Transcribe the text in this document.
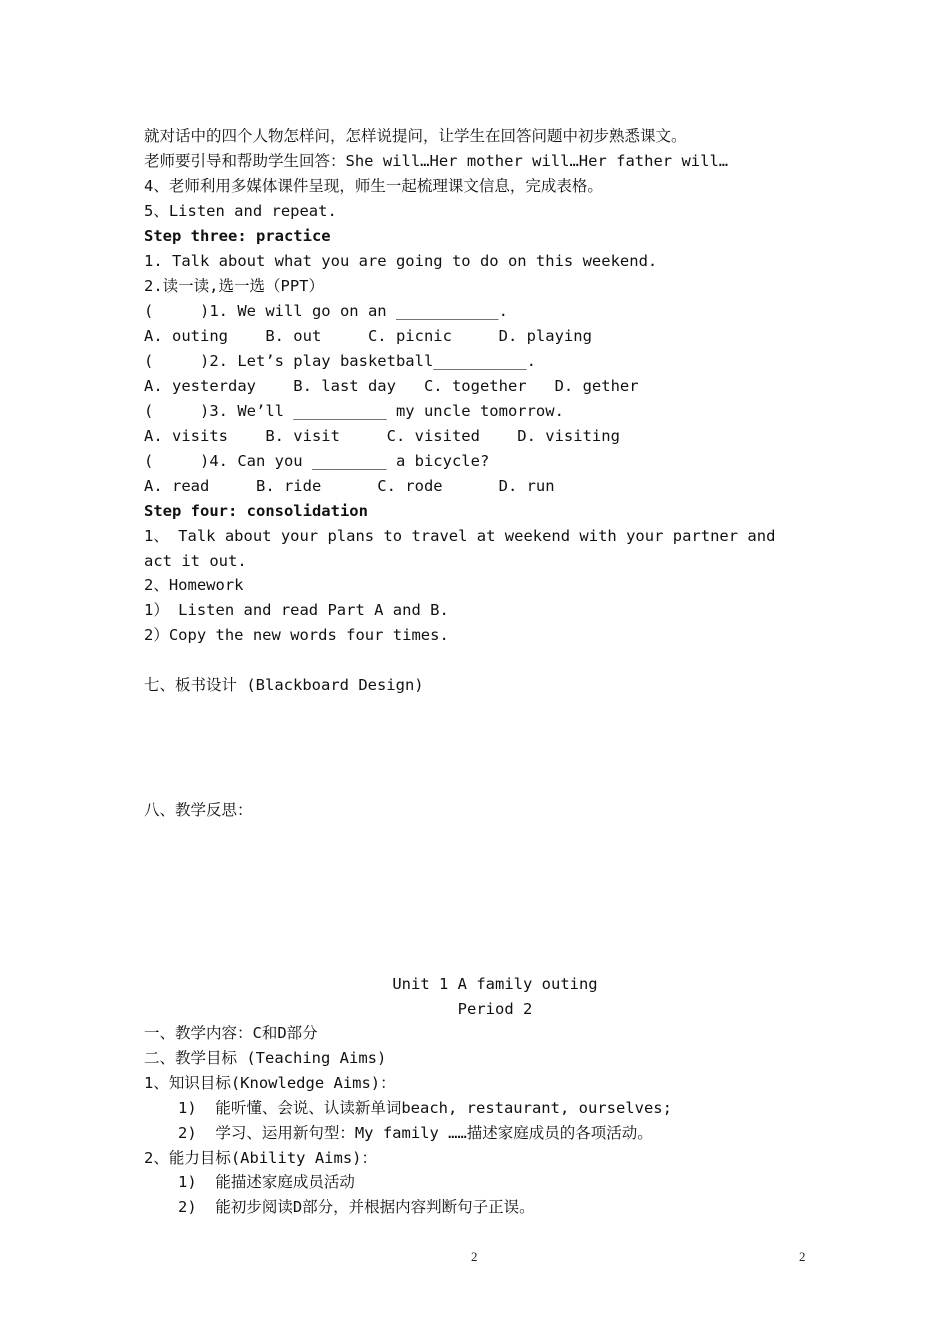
就对话中的四个人物怎样问，怎样说提问，让学生在回答问题中初步熟悉课文。
老师要引导和帮助学生回答：She will…Her mother will…Her father will…
4、老师利用多媒体课件呈现，师生一起梳理课文信息，完成表格。
5、Listen and repeat.
Step three: practice
1. Talk about what you are going to do on this weekend.
2.读一读,选一选（PPT）
(     )1. We will go on an ___________.
A. outing    B. out     C. picnic     D. playing
(     )2. Let’s play basketball__________.
A. yesterday    B. last day   C. together   D. gether
(     )3. We’ll __________ my uncle tomorrow.
A. visits    B. visit     C. visited    D. visiting
(     )4. Can you ________ a bicycle?
A. read     B. ride      C. rode      D. run
Step four: consolidation
1、 Talk about your plans to travel at weekend with your partner and
act it out.
2、Homework
1） Listen and read Part A and B.
2）Copy the new words four times.
七、板书设计 (Blackboard Design)
八、教学反思：
Unit 1 A family outing
Period 2
一、教学内容：C和D部分
二、教学目标 (Teaching Aims)
1、知识目标(Knowledge Aims)：
1)  能听懂、会说、认读新单词beach, restaurant, ourselves;
2)  学习、运用新句型：My family ……描述家庭成员的各项活动。
2、能力目标(Ability Aims)：
1)  能描述家庭成员活动
2)  能初步阅读D部分，并根据内容判断句子正误。
2	2
